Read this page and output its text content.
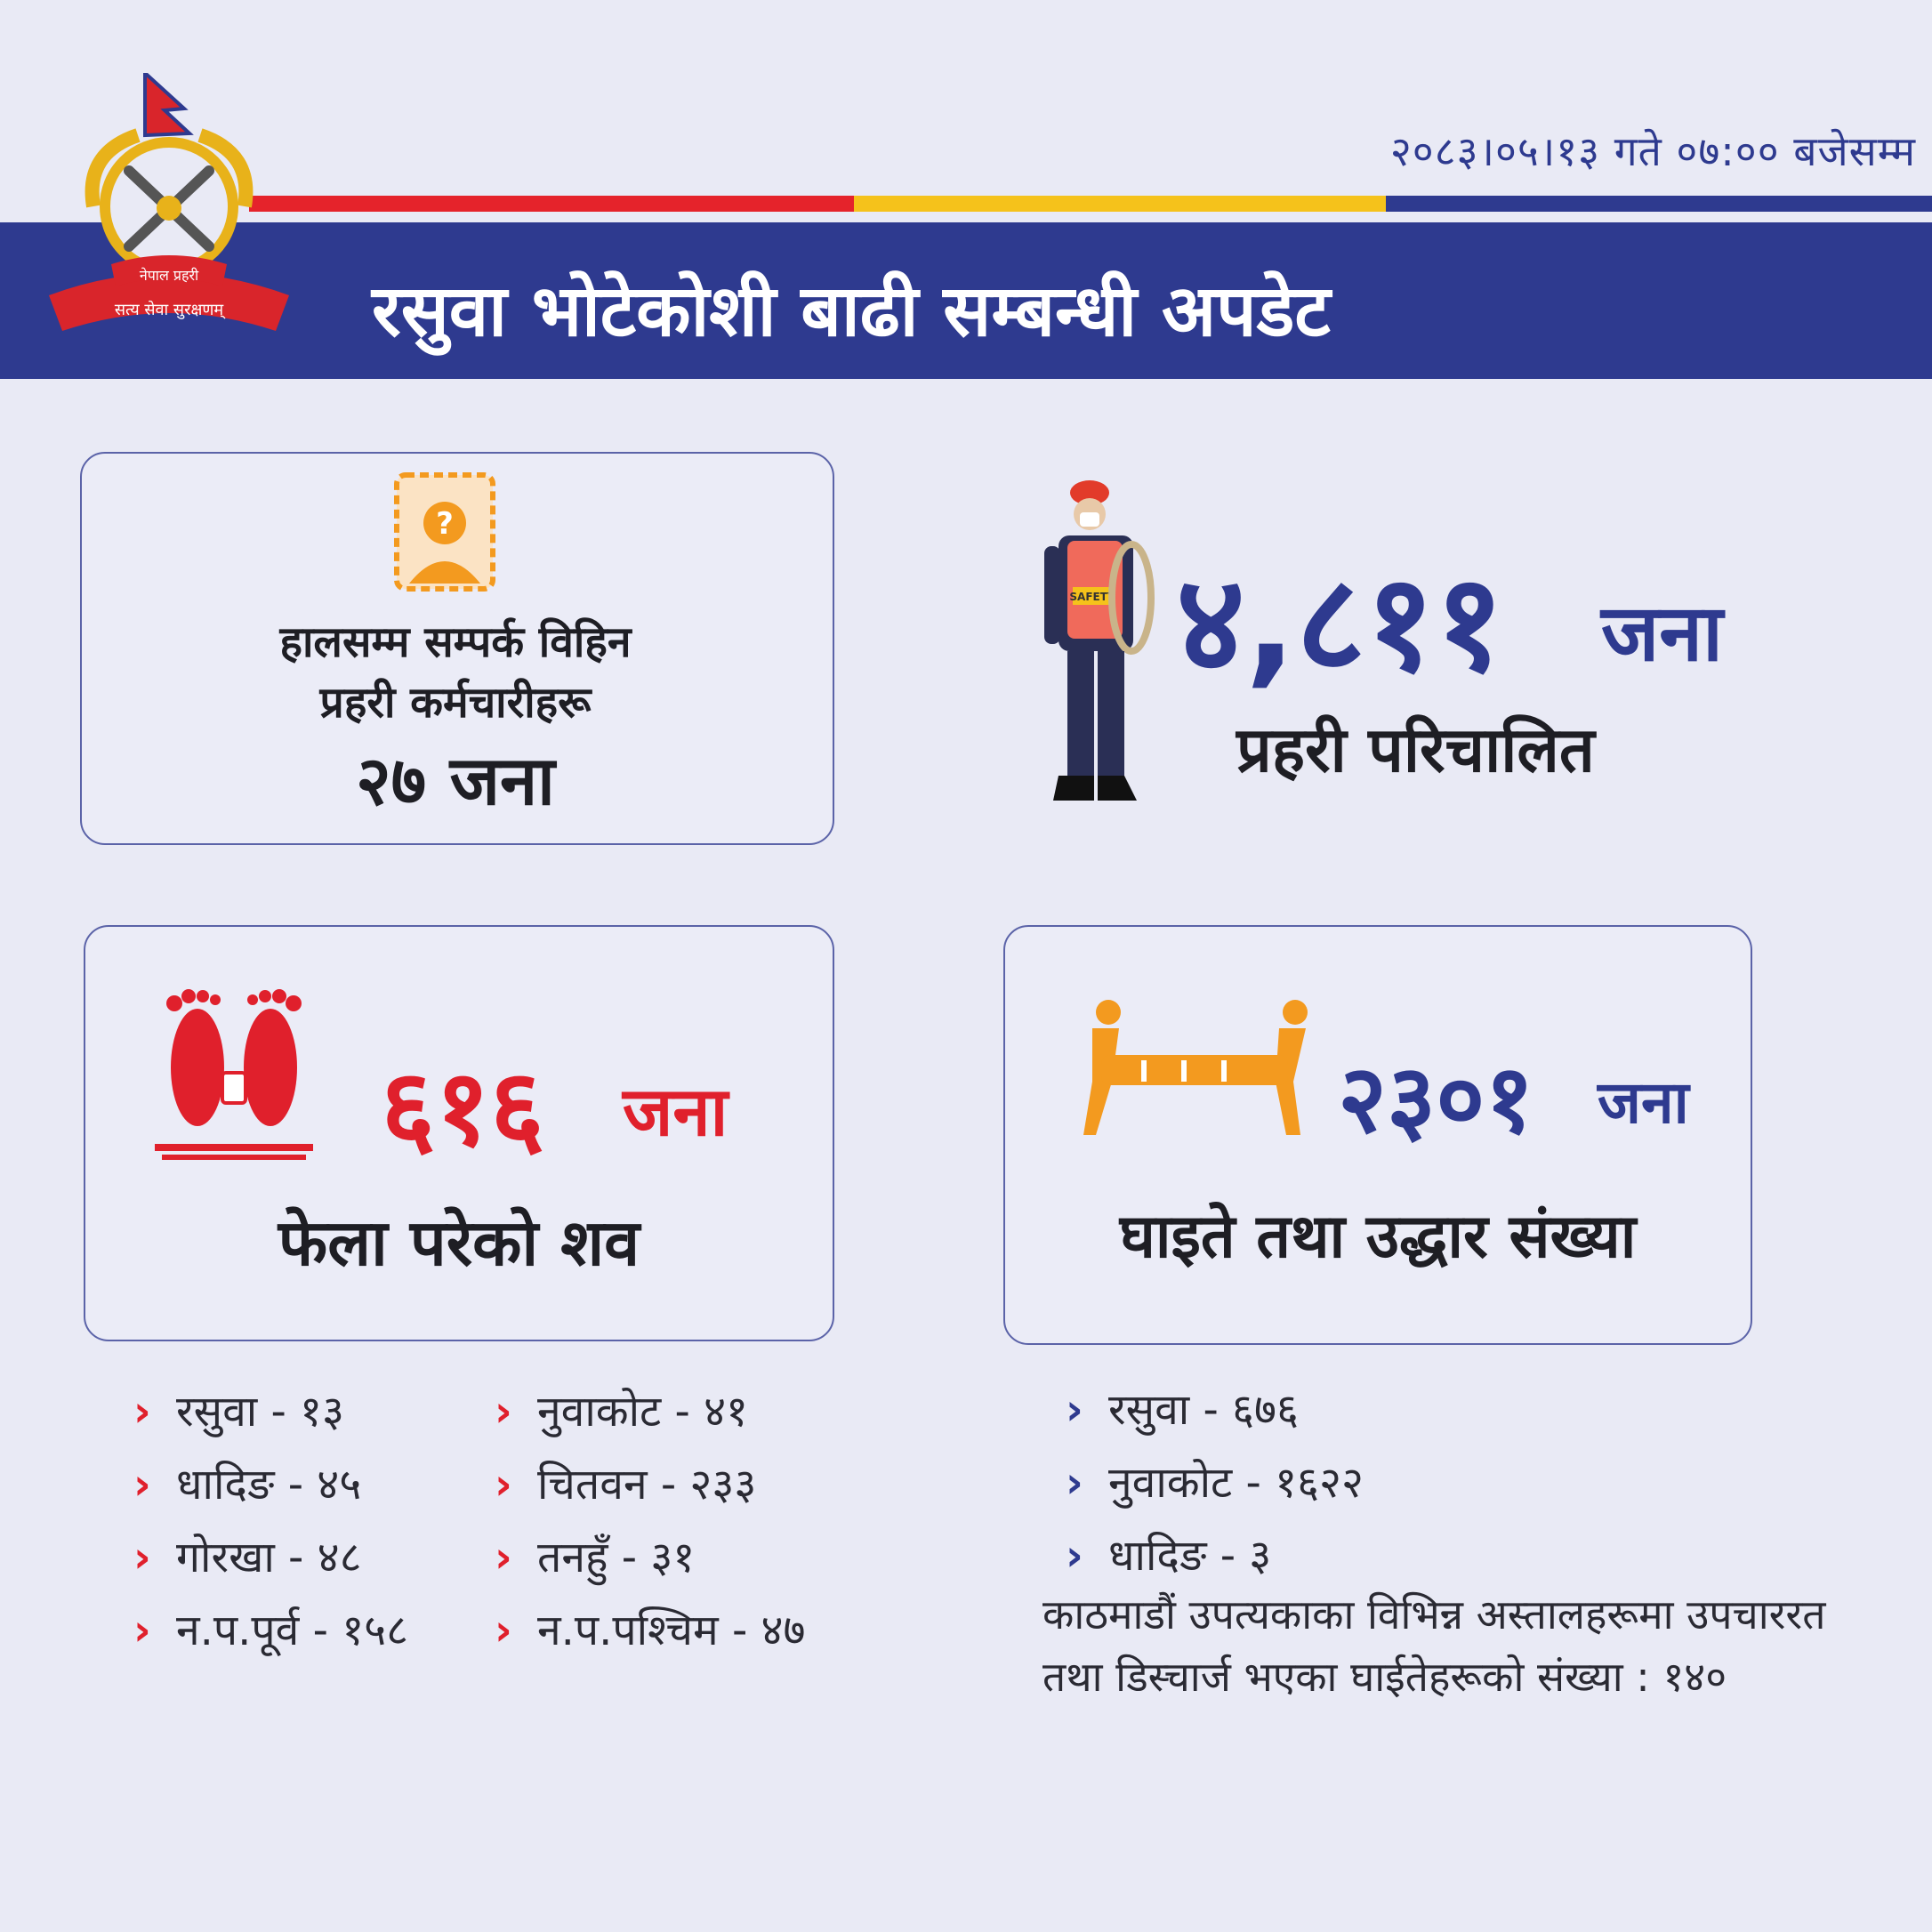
२०८३।०५।१३ गते ०७:०० बजेसम्म
रसुवा भोटेकोशी बाढी सम्बन्धी अपडेट
नेपाल प्रहरी
सत्य सेवा सुरक्षणम्
?
हालसम्म सम्पर्क विहिन
प्रहरी कर्मचारीहरू
२७ जना
SAFETY ४,८११ जना
प्रहरी परिचालित
६१६ जना
फेला परेको शव
२३०१ जना
घाइते तथा उद्धार संख्या
› रसुवा - १३
› धादिङ - ४५
› गोरखा - ४८
› न.प.पूर्व - १५८
› नुवाकोट - ४१
› चितवन - २३३
› तनहुँ - ३१
› न.प.पश्चिम - ४७
› रसुवा - ६७६
› नुवाकोट - १६२२
› धादिङ - ३
काठमाडौं उपत्यकाका विभिन्न अस्तालहरूमा उपचाररत तथा डिस्चार्ज भएका घाईतेहरूको संख्या : १४०
